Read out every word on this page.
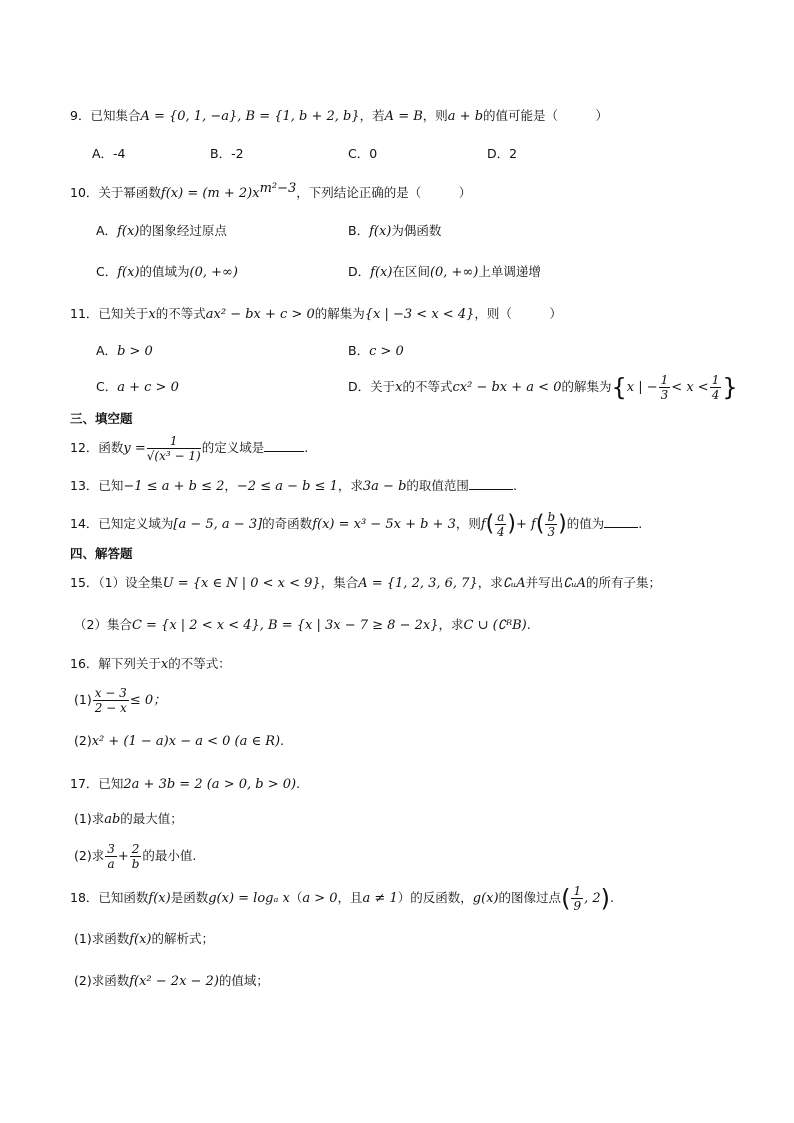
9．已知集合A = {0, 1, −a}, B = {1, b + 2, b}，若A = B，则a + b的值可能是（　　　）
A．-4	B．-2	C．0	D．2
10．关于幂函数$f(x) = (m + 2)x^{m^2-3}$，下列结论正确的是（　　　）
A．f(x)的图象经过原点	B．f(x)为偶函数
C．f(x)的值域为(0, +∞)	D．f(x)在区间(0, +∞)上单调递增
11．已知关于x的不等式ax² − bx + c > 0的解集为{x | −3 < x < 4}，则（　　　）
A．b > 0	B．c > 0
C．a + c > 0	D．关于x的不等式cx² − bx + a < 0的解集为{x | − $\frac{1}{3} < x < \frac{1}{4}$ }
三、填空题
12．函数$y = \frac{1}{\text{√(x³ − 1)}}$ 的定义域是	.
13．已知−1 ≤ a + b ≤ 2，−2 ≤ a − b ≤ 1，求3a − b的取值范围	.
14．已知定义域为[a − 5, a − 3]的奇函数f(x) = x³ − 5x + b + 3，则$f( \frac{a}{4}$ )+ $f( \frac{b}{3}$ )的值为	.
四、解答题
15．（1）设全集U = {x ∈ N | 0 < x < 9}，集合A = {1, 2, 3, 6, 7}，求∁ᵤA并写出∁ᵤA的所有子集；
（2）集合C = {x | 2 < x < 4}, B = {x | 3x − 7 ≥ 8 − 2x}，求C ∪ (∁ᴿB).
16．解下列关于x的不等式：
$(1) \frac{x - 3}{2 - x} \le 0$；
(2)x² + (1 − a)x − a < 0 (a ∈ R).
17．已知2a + 3b = 2 (a > 0, b > 0).
(1)求ab的最大值；
(2)求 $\frac{3}{a} + \frac{2}{b}$ 的最小值.
18．已知函数f(x)是函数g(x) = logₐ x（a > 0，且a ≠ 1）的反函数，g(x)的图像过点( $\frac{1}{9}$ , 2).
(1)求函数f(x)的解析式；
(2)求函数f(x² − 2x − 2)的值域；
